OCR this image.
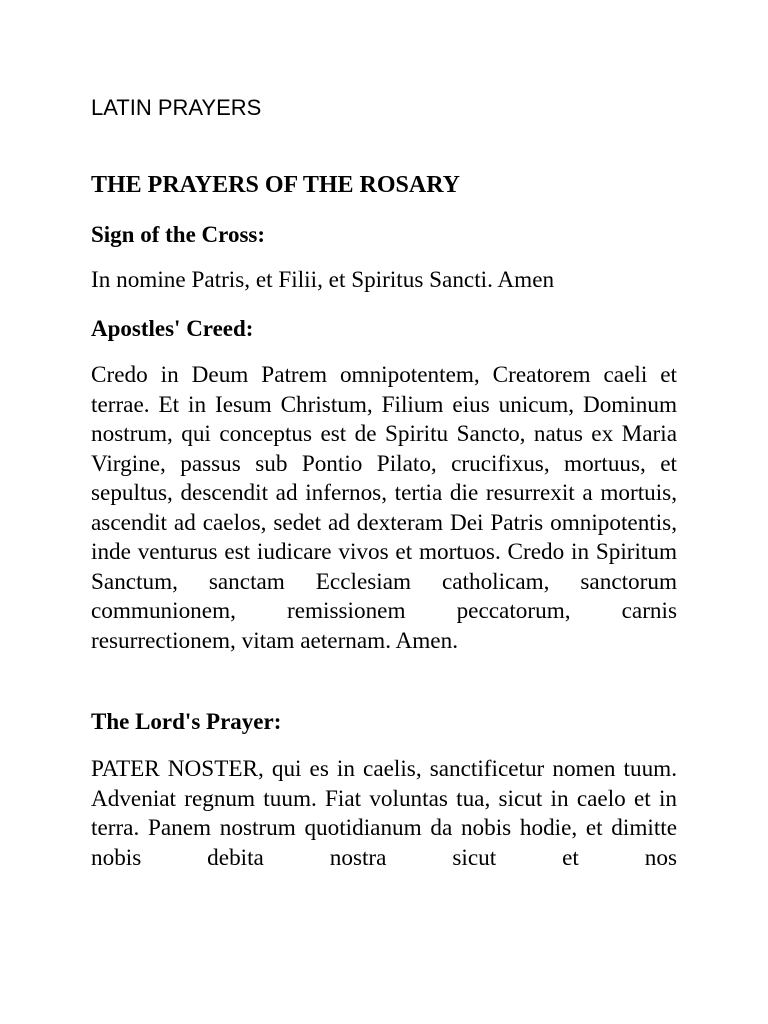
LATIN PRAYERS
THE PRAYERS OF THE ROSARY
Sign of the Cross:

In nomine Patris, et Filii, et Spiritus Sancti. Amen

Apostles' Creed:

Credo in Deum Patrem omnipotentem, Creatorem caeli et terrae. Et in Iesum Christum, Filium eius unicum, Dominum nostrum, qui conceptus est de Spiritu Sancto, natus ex Maria Virgine, passus sub Pontio Pilato, crucifixus, mortuus, et sepultus, descendit ad infernos, tertia die resurrexit a mortuis, ascendit ad caelos, sedet ad dexteram Dei Patris omnipotentis, inde venturus est iudicare vivos et mortuos. Credo in Spiritum Sanctum, sanctam Ecclesiam catholicam, sanctorum communionem, remissionem peccatorum, carnis resurrectionem, vitam aeternam. Amen.

The Lord's Prayer:

PATER NOSTER, qui es in caelis, sanctificetur nomen tuum. Adveniat regnum tuum. Fiat voluntas tua, sicut in caelo et in terra. Panem nostrum quotidianum da nobis hodie, et dimitte nobis debita nostra sicut et nos
